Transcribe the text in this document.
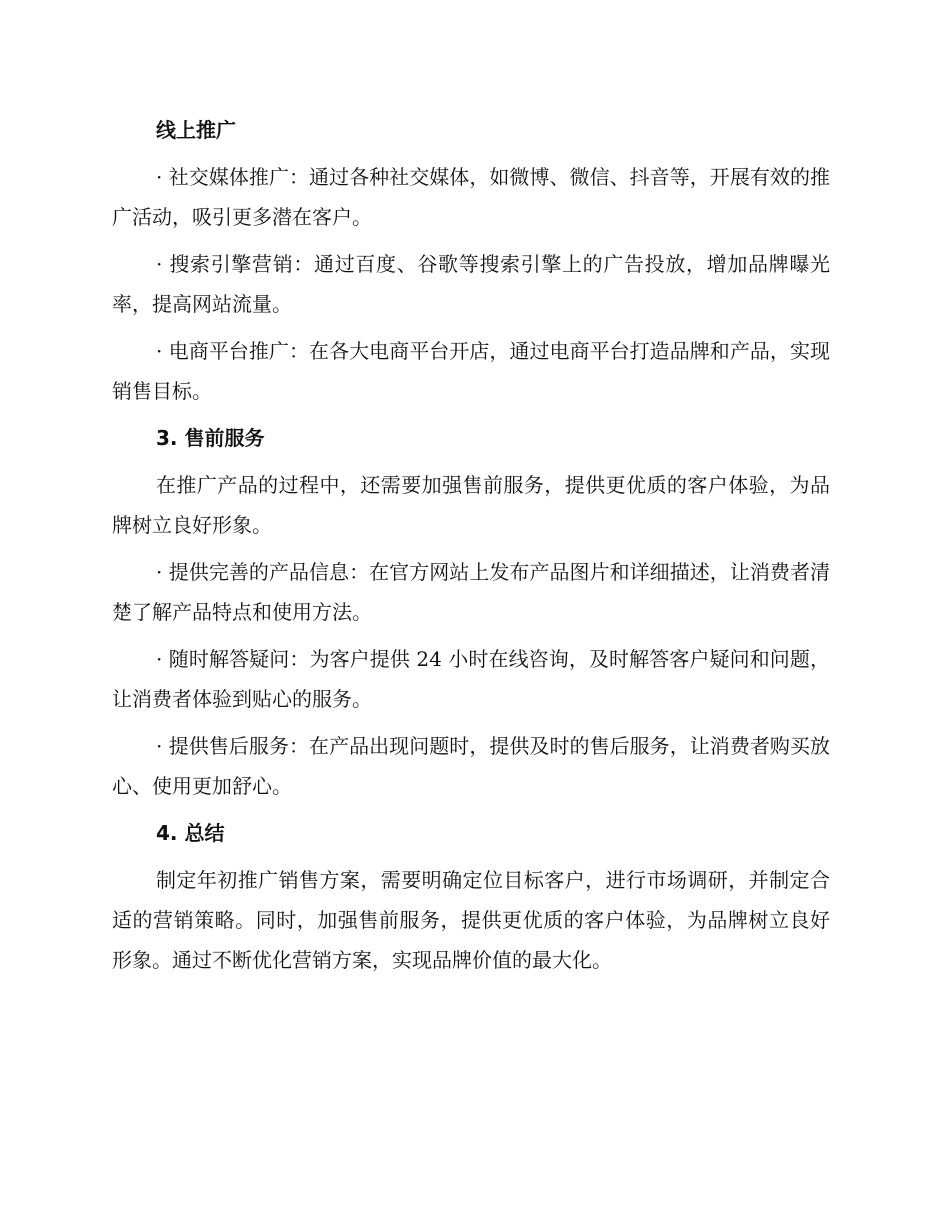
线上推广

· 社交媒体推广：通过各种社交媒体，如微博、微信、抖音等，开展有效的推广活动，吸引更多潜在客户。

· 搜索引擎营销：通过百度、谷歌等搜索引擎上的广告投放，增加品牌曝光率，提高网站流量。

· 电商平台推广：在各大电商平台开店，通过电商平台打造品牌和产品，实现销售目标。

3. 售前服务

在推广产品的过程中，还需要加强售前服务，提供更优质的客户体验，为品牌树立良好形象。

· 提供完善的产品信息：在官方网站上发布产品图片和详细描述，让消费者清楚了解产品特点和使用方法。

· 随时解答疑问：为客户提供 24 小时在线咨询，及时解答客户疑问和问题，让消费者体验到贴心的服务。

· 提供售后服务：在产品出现问题时，提供及时的售后服务，让消费者购买放心、使用更加舒心。

4. 总结

制定年初推广销售方案，需要明确定位目标客户，进行市场调研，并制定合适的营销策略。同时，加强售前服务，提供更优质的客户体验，为品牌树立良好形象。通过不断优化营销方案，实现品牌价值的最大化。
